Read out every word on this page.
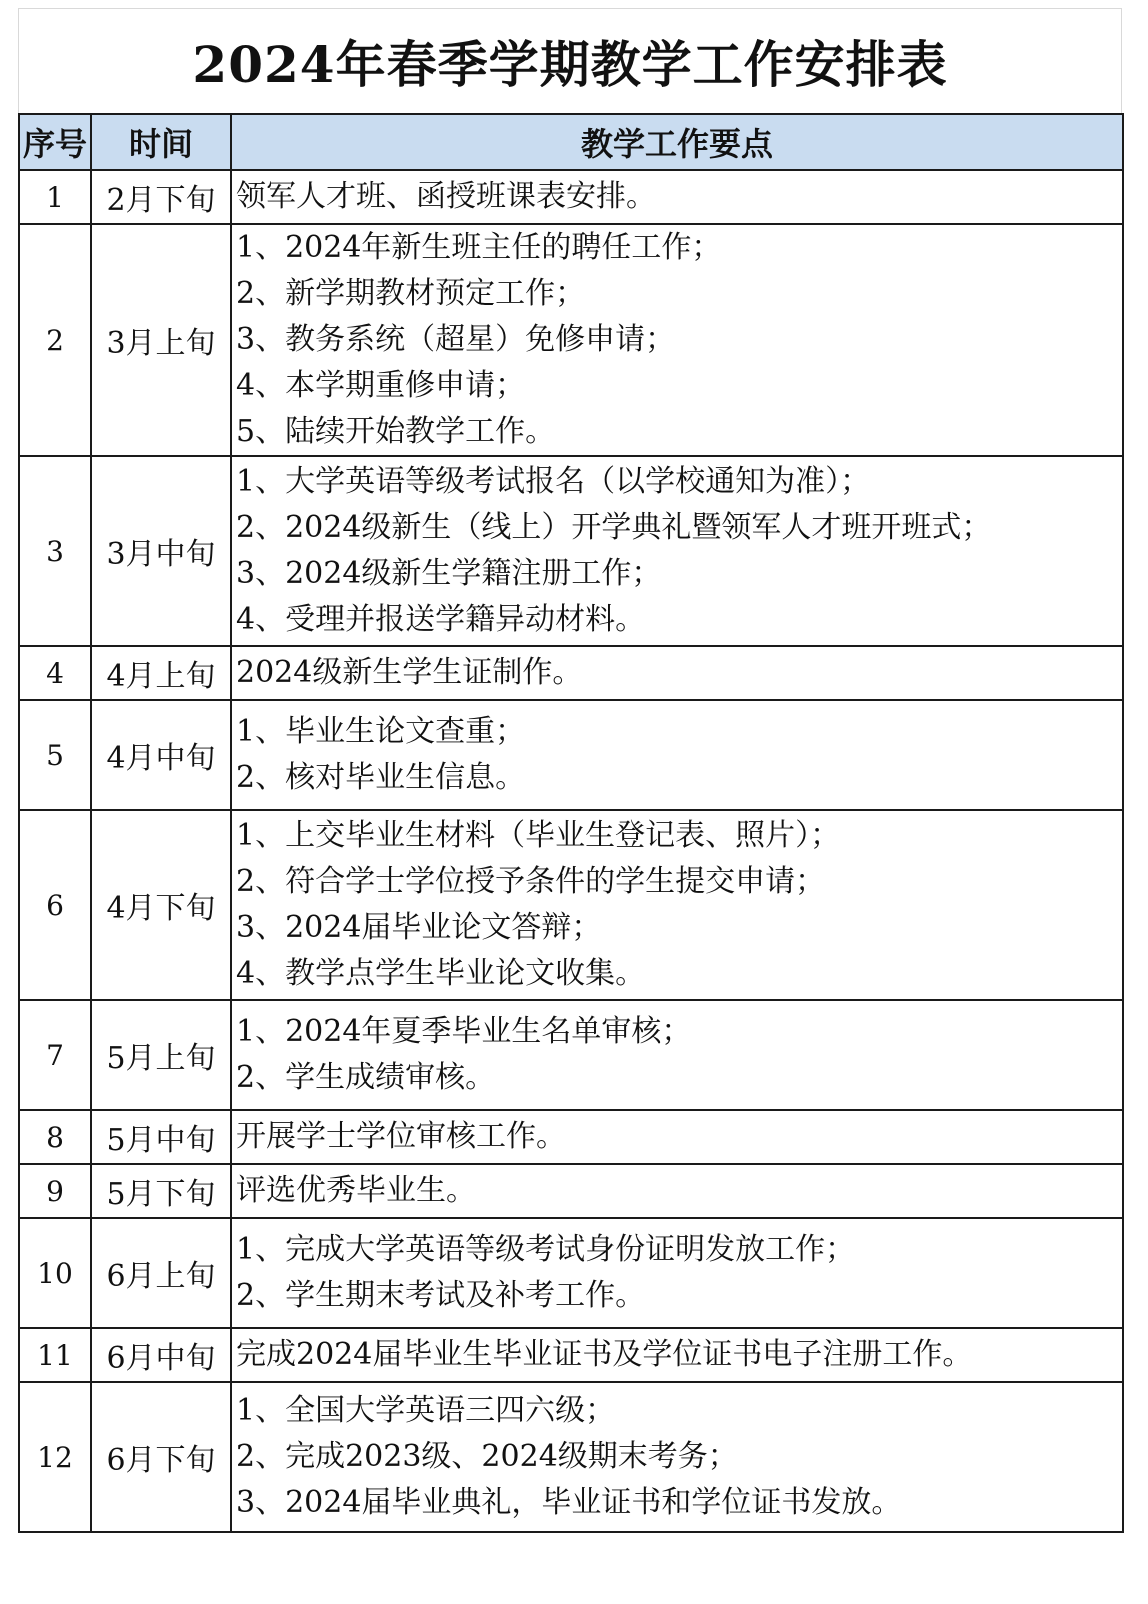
2024年春季学期教学工作安排表
序号	时间	教学工作要点
1	2月下旬	领军人才班、函授班课表安排。

2	3月上旬	1、2024年新生班主任的聘任工作；
2、新学期教材预定工作；
3、教务系统（超星）免修申请；
4、本学期重修申请；
5、陆续开始教学工作。

3	3月中旬	1、大学英语等级考试报名（以学校通知为准）；
2、2024级新生（线上）开学典礼暨领军人才班开班式；
3、2024级新生学籍注册工作；
4、受理并报送学籍异动材料。

4	4月上旬	2024级新生学生证制作。

5	4月中旬	1、毕业生论文查重；
2、核对毕业生信息。

6	4月下旬	1、上交毕业生材料（毕业生登记表、照片）；
2、符合学士学位授予条件的学生提交申请；
3、2024届毕业论文答辩；
4、教学点学生毕业论文收集。

7	5月上旬	1、2024年夏季毕业生名单审核；
2、学生成绩审核。

8	5月中旬	开展学士学位审核工作。

9	5月下旬	评选优秀毕业生。

10	6月上旬	1、完成大学英语等级考试身份证明发放工作；
2、学生期末考试及补考工作。

11	6月中旬	完成2024届毕业生毕业证书及学位证书电子注册工作。

12	6月下旬	1、全国大学英语三四六级；
2、完成2023级、2024级期末考务；
3、2024届毕业典礼，毕业证书和学位证书发放。
